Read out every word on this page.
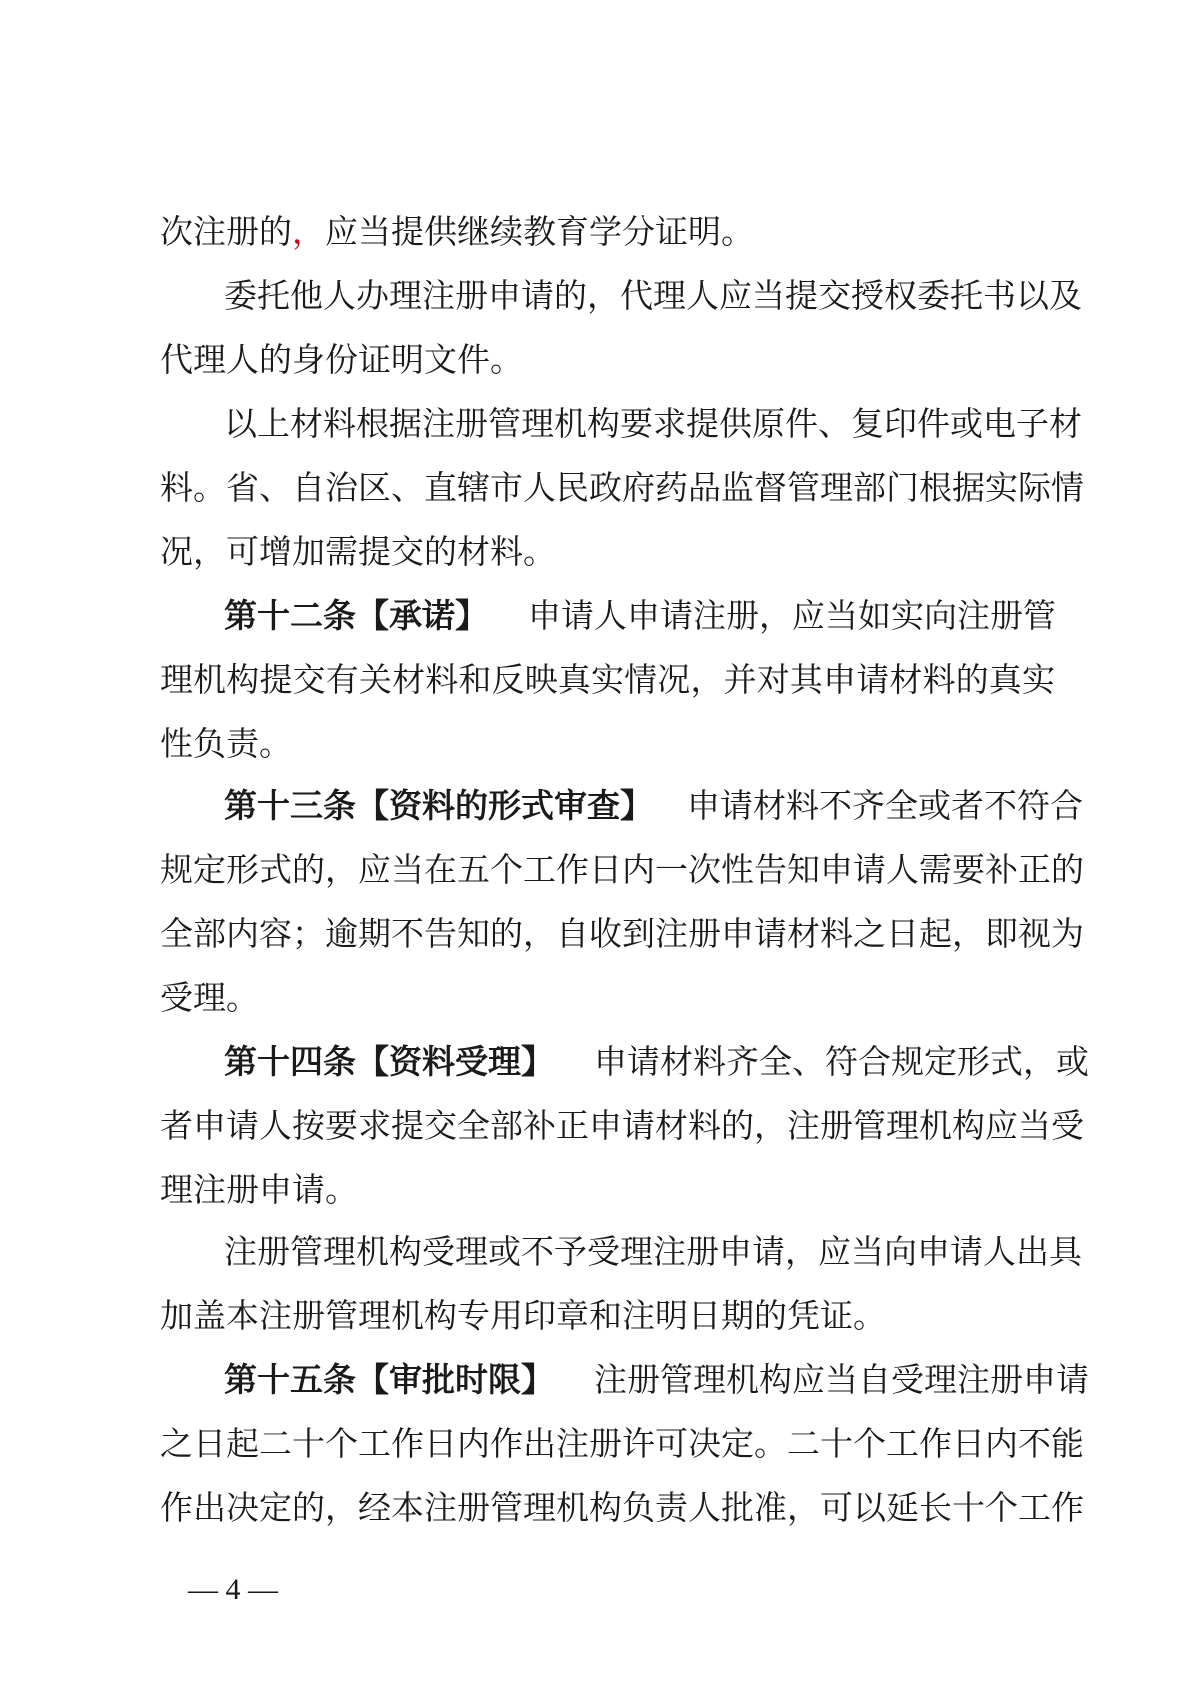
次注册的，应当提供继续教育学分证明。
委托他人办理注册申请的，代理人应当提交授权委托书以及
代理人的身份证明文件。
以上材料根据注册管理机构要求提供原件、复印件或电子材
料。省、自治区、直辖市人民政府药品监督管理部门根据实际情
况，可增加需提交的材料。
第十二条【承诺】 申请人申请注册，应当如实向注册管
理机构提交有关材料和反映真实情况，并对其申请材料的真实
性负责。
第十三条【资料的形式审查】 申请材料不齐全或者不符合
规定形式的，应当在五个工作日内一次性告知申请人需要补正的
全部内容；逾期不告知的，自收到注册申请材料之日起，即视为
受理。
第十四条【资料受理】 申请材料齐全、符合规定形式，或
者申请人按要求提交全部补正申请材料的，注册管理机构应当受
理注册申请。
注册管理机构受理或不予受理注册申请，应当向申请人出具
加盖本注册管理机构专用印章和注明日期的凭证。
第十五条【审批时限】 注册管理机构应当自受理注册申请
之日起二十个工作日内作出注册许可决定。二十个工作日内不能
作出决定的，经本注册管理机构负责人批准，可以延长十个工作
— 4 —
